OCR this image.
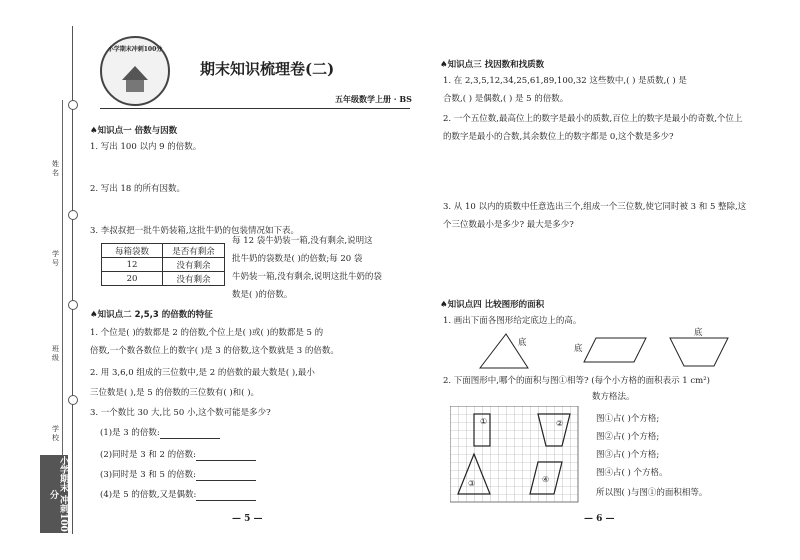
姓名
学号
班级
学校
小学期末 冲刺100分
小学期末冲刺100分
期末知识梳理卷(二)
五年级数学上册 · BS
♠知识点一 倍数与因数
1. 写出 100 以内 9 的倍数。
2. 写出 18 的所有因数。
3. 李叔叔把一批牛奶装箱,这批牛奶的包装情况如下表。
每箱袋数	是否有剩余
12	没有剩余
20	没有剩余
每 12 袋牛奶装一箱,没有剩余,说明这
批牛奶的袋数是( )的倍数;每 20 袋
牛奶装一箱,没有剩余,说明这批牛奶的袋
数是( )的倍数。
♠知识点二 2,5,3 的倍数的特征
1. 个位是( )的数都是 2 的倍数,个位上是( )或( )的数都是 5 的
倍数,一个数各数位上的数字( )是 3 的倍数,这个数就是 3 的倍数。
2. 用 3,6,0 组成的三位数中,是 2 的倍数的最大数是( ),最小
三位数是( ),是 5 的倍数的三位数有( )和( )。
3. 一个数比 30 大,比 50 小,这个数可能是多少?
(1)是 3 的倍数:
(2)同时是 3 和 2 的倍数:
(3)同时是 3 和 5 的倍数:
(4)是 5 的倍数,又是偶数:
— 5 —
♠知识点三 找因数和找质数
1. 在 2,3,5,12,34,25,61,89,100,32 这些数中,( ) 是质数,( ) 是
合数,( ) 是偶数,( ) 是 5 的倍数。
2. 一个五位数,最高位上的数字是最小的质数,百位上的数字是最小的奇数,个位上
的数字是最小的合数,其余数位上的数字都是 0,这个数是多少?
3. 从 10 以内的质数中任意选出三个,组成一个三位数,使它同时被 3 和 5 整除,这
个三位数最小是多少? 最大是多少?
♠知识点四 比较图形的面积
1. 画出下面各图形给定底边上的高。
底
底
底
2. 下面图形中,哪个的面积与图①相等? (每个小方格的面积表示 1 cm²)
数方格法。
①	②
③	④
图①占( )个方格;
图②占( )个方格;
图③占( )个方格;
图④占( ) 个方格。
所以图( )与图①的面积相等。
— 6 —
